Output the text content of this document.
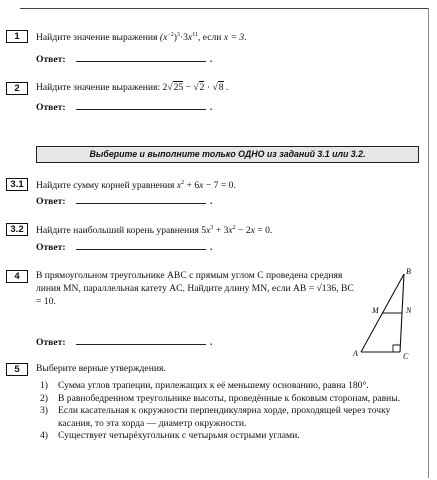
1	Найдите значение выражения $(x^{-2})^3\cdot 3x^{11}$, если x = 3.
Ответ:	.
2	Найдите значение выражения: 2√25 − √2 · √8 .
Ответ:	.
Выберите и выполните только ОДНО из заданий 3.1 или 3.2.
3.1	Найдите сумму корней уравнения $x^2 + 6x - 7 = 0$.
Ответ:	.
3.2	Найдите наибольший корень уравнения $5x^3 + 3x^2 - 2x = 0$.
Ответ:	.
4	В прямоугольном треугольнике ABC с прямым углом C проведена средняя линия MN, параллельная катету AC. Найдите длину MN, если AB = √136, BC = 10.
A	C
B
M	N
Ответ:	.
5	Выберите верные утверждения.
1) Сумма углов трапеции, прилежащих к её меньшему основанию, равна 180°.
2) В равнобедренном треугольнике высоты, проведённые к боковым сторонам, равны.
3) Если касательная к окружности перпендикулярна хорде, проходящей через точку касания, то эта хорда — диаметр окружности.
4) Существует четырёхугольник с четырьмя острыми углами.
